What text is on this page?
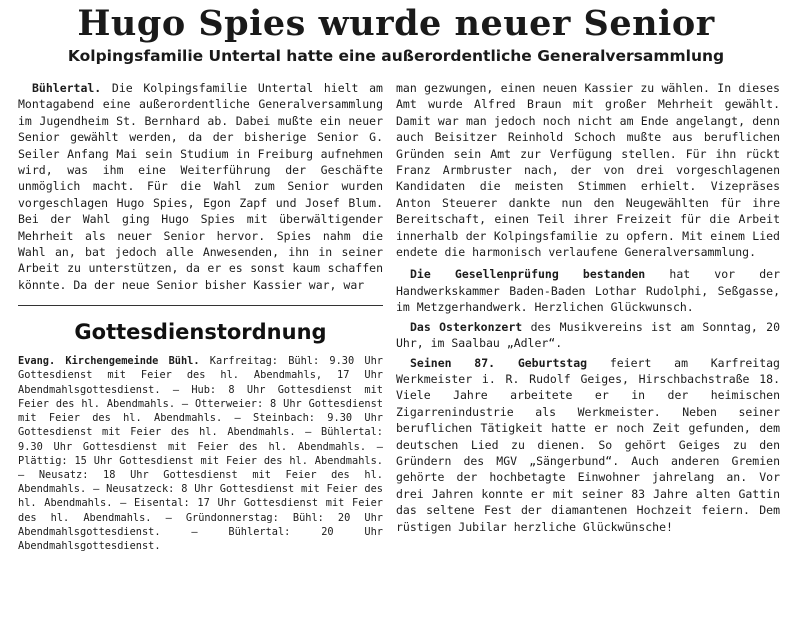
Hugo Spies wurde neuer Senior
Kolpingsfamilie Untertal hatte eine außerordentliche Generalversammlung

Bühlertal. Die Kolpingsfamilie Untertal hielt am Montagabend eine außerordentliche Generalversammlung im Jugendheim St. Bernhard ab. Dabei mußte ein neuer Senior gewählt werden, da der bisherige Senior G. Seiler Anfang Mai sein Studium in Freiburg aufnehmen wird, was ihm eine Weiterführung der Geschäfte unmöglich macht. Für die Wahl zum Senior wurden vorgeschlagen Hugo Spies, Egon Zapf und Josef Blum. Bei der Wahl ging Hugo Spies mit überwältigender Mehrheit als neuer Senior hervor. Spies nahm die Wahl an, bat jedoch alle Anwesenden, ihn in seiner Arbeit zu unterstützen, da er es sonst kaum schaffen könnte. Da der neue Senior bisher Kassier war, war

Gottesdienstordnung

Evang. Kirchengemeinde Bühl. Karfreitag: Bühl: 9.30 Uhr Gottesdienst mit Feier des hl. Abendmahls, 17 Uhr Abendmahlsgottesdienst. — Hub: 8 Uhr Gottesdienst mit Feier des hl. Abendmahls. — Otterweier: 8 Uhr Gottesdienst mit Feier des hl. Abendmahls. — Steinbach: 9.30 Uhr Gottesdienst mit Feier des hl. Abendmahls. — Bühlertal: 9.30 Uhr Gottesdienst mit Feier des hl. Abendmahls. — Plättig: 15 Uhr Gottesdienst mit Feier des hl. Abendmahls. — Neusatz: 18 Uhr Gottesdienst mit Feier des hl. Abendmahls. — Neusatzeck: 8 Uhr Gottesdienst mit Feier des hl. Abendmahls. — Eisental: 17 Uhr Gottesdienst mit Feier des hl. Abendmahls. — Gründonnerstag: Bühl: 20 Uhr Abendmahlsgottesdienst. — Bühlertal: 20 Uhr Abendmahlsgottesdienst.

man gezwungen, einen neuen Kassier zu wählen. In dieses Amt wurde Alfred Braun mit großer Mehrheit gewählt. Damit war man jedoch noch nicht am Ende angelangt, denn auch Beisitzer Reinhold Schoch mußte aus beruflichen Gründen sein Amt zur Verfügung stellen. Für ihn rückt Franz Armbruster nach, der von drei vorgeschlagenen Kandidaten die meisten Stimmen erhielt. Vizepräses Anton Steuerer dankte nun den Neugewählten für ihre Bereitschaft, einen Teil ihrer Freizeit für die Arbeit innerhalb der Kolpingsfamilie zu opfern. Mit einem Lied endete die harmonisch verlaufene Generalversammlung.

Die Gesellenprüfung bestanden hat vor der Handwerkskammer Baden-Baden Lothar Rudolphi, Seßgasse, im Metzgerhandwerk. Herzlichen Glückwunsch.

Das Osterkonzert des Musikvereins ist am Sonntag, 20 Uhr, im Saalbau „Adler“.

Seinen 87. Geburtstag feiert am Karfreitag Werkmeister i. R. Rudolf Geiges, Hirschbachstraße 18. Viele Jahre arbeitete er in der heimischen Zigarrenindustrie als Werkmeister. Neben seiner beruflichen Tätigkeit hatte er noch Zeit gefunden, dem deutschen Lied zu dienen. So gehört Geiges zu den Gründern des MGV „Sängerbund“. Auch anderen Gremien gehörte der hochbetagte Einwohner jahrelang an. Vor drei Jahren konnte er mit seiner 83 Jahre alten Gattin das seltene Fest der diamantenen Hochzeit feiern. Dem rüstigen Jubilar herzliche Glückwünsche!
